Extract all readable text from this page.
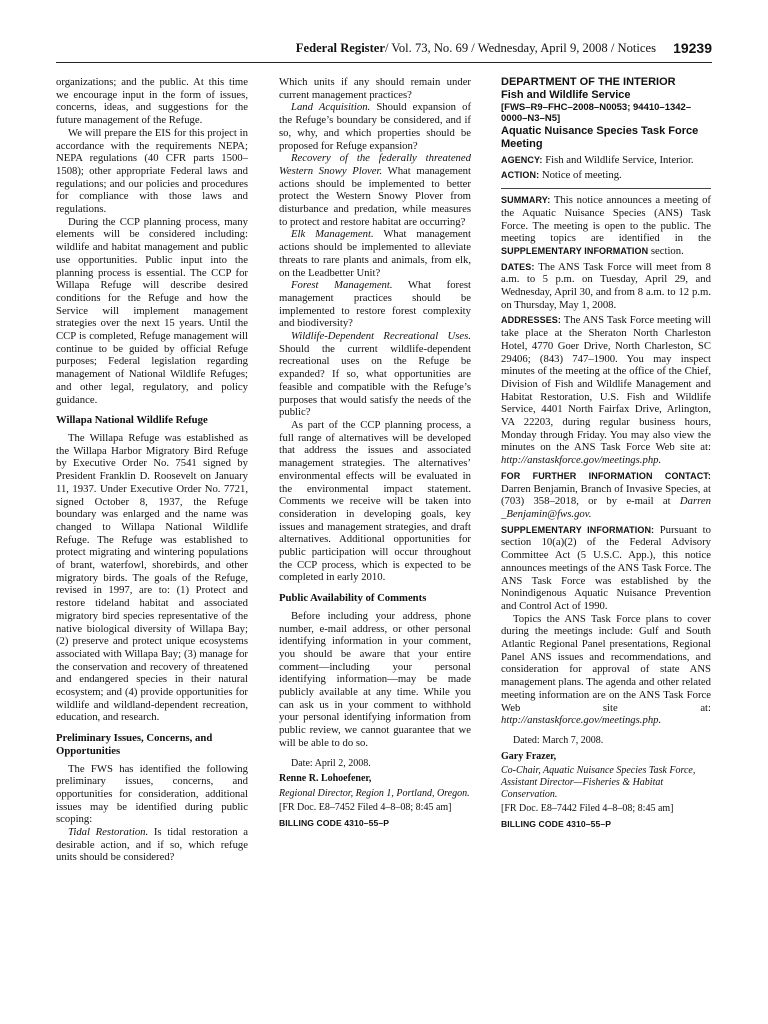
Federal Register/ Vol. 73, No. 69 / Wednesday, April 9, 2008 / Notices 19239

organizations; and the public. At this time we encourage input in the form of issues, concerns, ideas, and suggestions for the future management of the Refuge.

We will prepare the EIS for this project in accordance with the requirements NEPA; NEPA regulations (40 CFR parts 1500–1508); other appropriate Federal laws and regulations; and our policies and procedures for compliance with those laws and regulations.

During the CCP planning process, many elements will be considered including: wildlife and habitat management and public use opportunities. Public input into the planning process is essential. The CCP for Willapa Refuge will describe desired conditions for the Refuge and how the Service will implement management strategies over the next 15 years. Until the CCP is completed, Refuge management will continue to be guided by official Refuge purposes; Federal legislation regarding management of National Wildlife Refuges; and other legal, regulatory, and policy guidance.

Willapa National Wildlife Refuge

The Willapa Refuge was established as the Willapa Harbor Migratory Bird Refuge by Executive Order No. 7541 signed by President Franklin D. Roosevelt on January 11, 1937. Under Executive Order No. 7721, signed October 8, 1937, the Refuge boundary was enlarged and the name was changed to Willapa National Wildlife Refuge. The Refuge was established to protect migrating and wintering populations of brant, waterfowl, shorebirds, and other migratory birds. The goals of the Refuge, revised in 1997, are to: (1) Protect and restore tideland habitat and associated migratory bird species representative of the native biological diversity of Willapa Bay; (2) preserve and protect unique ecosystems associated with Willapa Bay; (3) manage for the conservation and recovery of threatened and endangered species in their natural ecosystem; and (4) provide opportunities for wildlife and wildland-dependent recreation, education, and research.

Preliminary Issues, Concerns, and Opportunities

The FWS has identified the following preliminary issues, concerns, and opportunities for consideration, additional issues may be identified during public scoping:

Tidal Restoration. Is tidal restoration a desirable action, and if so, which refuge units should be considered?

Which units if any should remain under current management practices?

Land Acquisition. Should expansion of the Refuge’s boundary be considered, and if so, why, and which properties should be proposed for Refuge expansion?

Recovery of the federally threatened Western Snowy Plover. What management actions should be implemented to better protect the Western Snowy Plover from disturbance and predation, while measures to protect and restore habitat are occurring?

Elk Management. What management actions should be implemented to alleviate threats to rare plants and animals, from elk, on the Leadbetter Unit?

Forest Management. What forest management practices should be implemented to restore forest complexity and biodiversity?

Wildlife-Dependent Recreational Uses. Should the current wildlife-dependent recreational uses on the Refuge be expanded? If so, what opportunities are feasible and compatible with the Refuge’s purposes that would satisfy the needs of the public?

As part of the CCP planning process, a full range of alternatives will be developed that address the issues and associated management strategies. The alternatives’ environmental effects will be evaluated in the environmental impact statement. Comments we receive will be taken into consideration in developing goals, key issues and management strategies, and draft alternatives. Additional opportunities for public participation will occur throughout the CCP process, which is expected to be completed in early 2010.

Public Availability of Comments

Before including your address, phone number, e-mail address, or other personal identifying information in your comment, you should be aware that your entire comment—including your personal identifying information—may be made publicly available at any time. While you can ask us in your comment to withhold your personal identifying information from public review, we cannot guarantee that we will be able to do so.

Date: April 2, 2008.

Renne R. Lohoefener,

Regional Director, Region 1, Portland, Oregon.

[FR Doc. E8–7452 Filed 4–8–08; 8:45 am]

BILLING CODE 4310–55–P

DEPARTMENT OF THE INTERIOR

Fish and Wildlife Service

[FWS–R9–FHC–2008–N0053; 94410–1342–0000–N3–N5]

Aquatic Nuisance Species Task Force Meeting

AGENCY: Fish and Wildlife Service, Interior.

ACTION: Notice of meeting.

SUMMARY: This notice announces a meeting of the Aquatic Nuisance Species (ANS) Task Force. The meeting is open to the public. The meeting topics are identified in the SUPPLEMENTARY INFORMATION section.

DATES: The ANS Task Force will meet from 8 a.m. to 5 p.m. on Tuesday, April 29, and Wednesday, April 30, and from 8 a.m. to 12 p.m. on Thursday, May 1, 2008.

ADDRESSES: The ANS Task Force meeting will take place at the Sheraton North Charleston Hotel, 4770 Goer Drive, North Charleston, SC 29406; (843) 747–1900. You may inspect minutes of the meeting at the office of the Chief, Division of Fish and Wildlife Management and Habitat Restoration, U.S. Fish and Wildlife Service, 4401 North Fairfax Drive, Arlington, VA 22203, during regular business hours, Monday through Friday. You may also view the minutes on the ANS Task Force Web site at: http://anstaskforce.gov/meetings.php.

FOR FURTHER INFORMATION CONTACT: Darren Benjamin, Branch of Invasive Species, at (703) 358–2018, or by e-mail at Darren _Benjamin@fws.gov.

SUPPLEMENTARY INFORMATION: Pursuant to section 10(a)(2) of the Federal Advisory Committee Act (5 U.S.C. App.), this notice announces meetings of the ANS Task Force. The ANS Task Force was established by the Nonindigenous Aquatic Nuisance Prevention and Control Act of 1990.

Topics the ANS Task Force plans to cover during the meetings include: Gulf and South Atlantic Regional Panel presentations, Regional Panel ANS issues and recommendations, and consideration for approval of state ANS management plans. The agenda and other related meeting information are on the ANS Task Force Web site at: http://anstaskforce.gov/meetings.php.

Dated: March 7, 2008.

Gary Frazer,

Co-Chair, Aquatic Nuisance Species Task Force, Assistant Director—Fisheries & Habitat Conservation.

[FR Doc. E8–7442 Filed 4–8–08; 8:45 am]

BILLING CODE 4310–55–P
